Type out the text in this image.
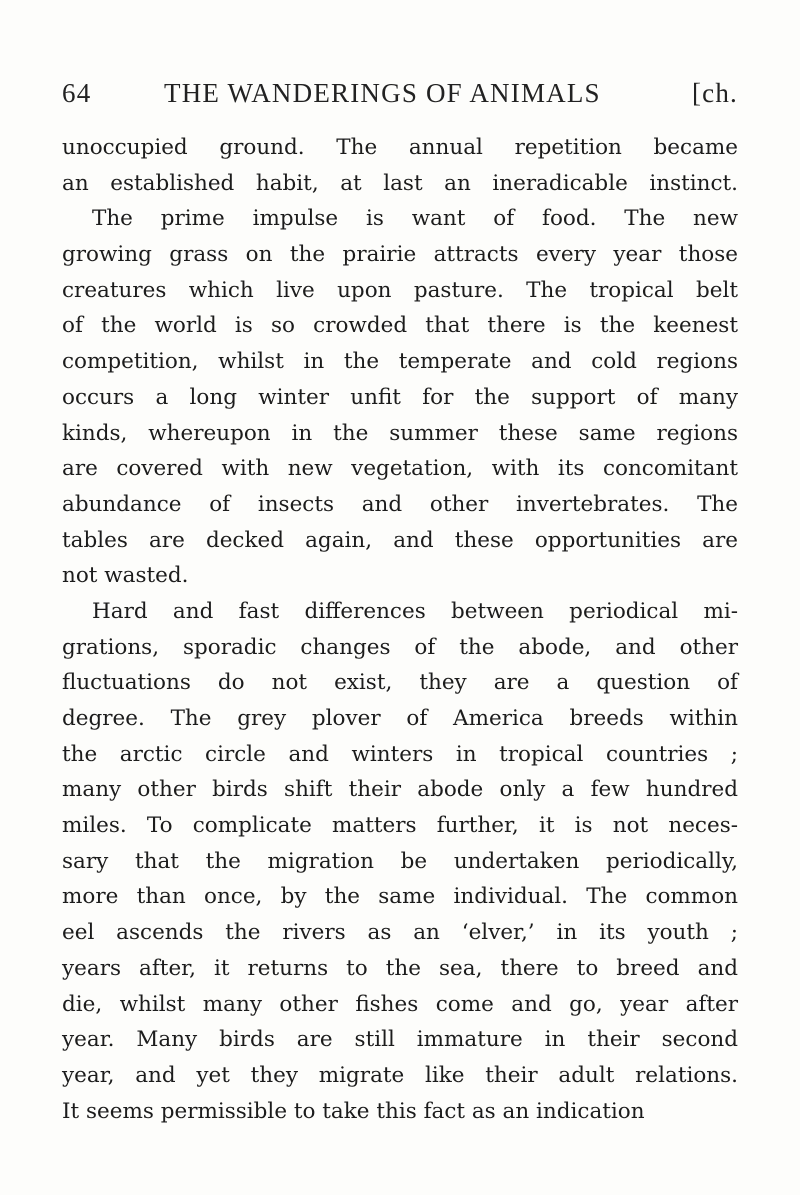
64	THE WANDERINGS OF ANIMALS	[ch.
unoccupied ground. The annual repetition became
an established habit, at last an ineradicable instinct.
The prime impulse is want of food. The new
growing grass on the prairie attracts every year those
creatures which live upon pasture. The tropical belt
of the world is so crowded that there is the keenest
competition, whilst in the temperate and cold regions
occurs a long winter unfit for the support of many
kinds, whereupon in the summer these same regions
are covered with new vegetation, with its concomitant
abundance of insects and other invertebrates. The
tables are decked again, and these opportunities are
not wasted.
Hard and fast differences between periodical mi-
grations, sporadic changes of the abode, and other
fluctuations do not exist, they are a question of
degree. The grey plover of America breeds within
the arctic circle and winters in tropical countries ;
many other birds shift their abode only a few hundred
miles. To complicate matters further, it is not neces-
sary that the migration be undertaken periodically,
more than once, by the same individual. The common
eel ascends the rivers as an ‘elver,’ in its youth ;
years after, it returns to the sea, there to breed and
die, whilst many other fishes come and go, year after
year. Many birds are still immature in their second
year, and yet they migrate like their adult relations.
It seems permissible to take this fact as an indication
